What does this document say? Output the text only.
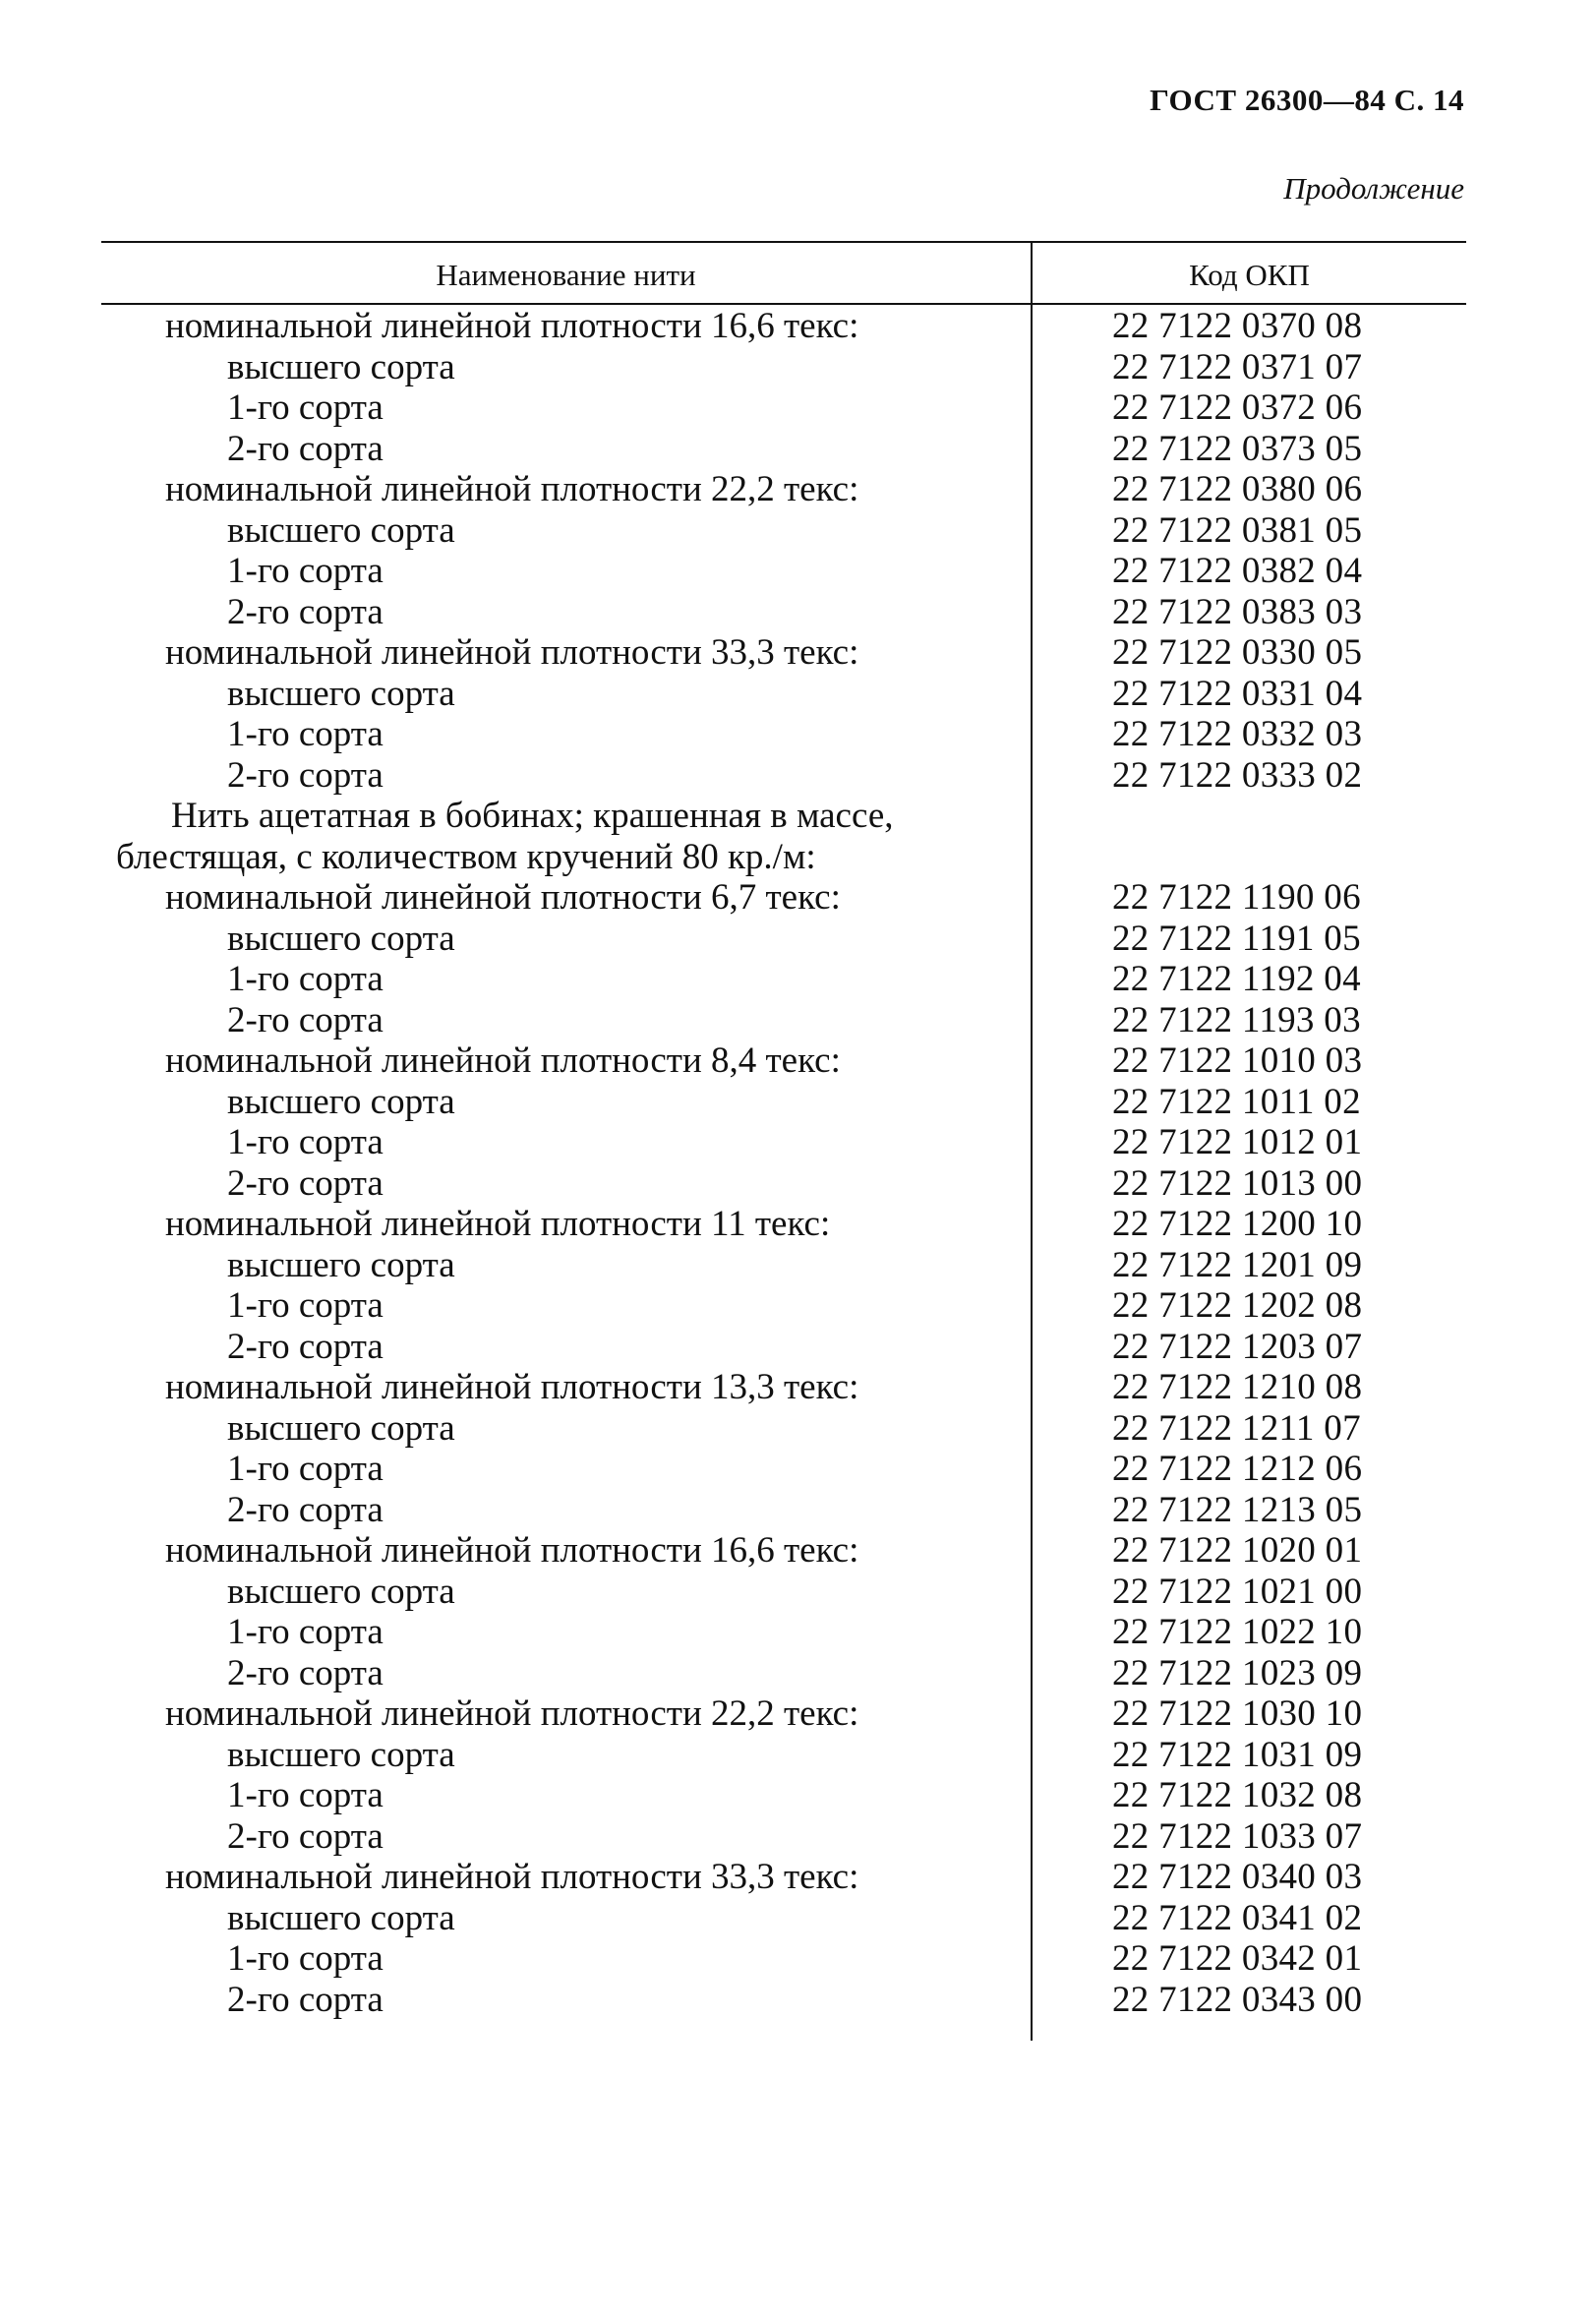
ГОСТ 26300—84 С. 14
Продолжение
Наименование нити	Код ОКП
номинальной линейной плотности 16,6 текс:	22 7122 0370 08
высшего сорта	22 7122 0371 07
1-го сорта	22 7122 0372 06
2-го сорта	22 7122 0373 05
номинальной линейной плотности 22,2 текс:	22 7122 0380 06
высшего сорта	22 7122 0381 05
1-го сорта	22 7122 0382 04
2-го сорта	22 7122 0383 03
номинальной линейной плотности 33,3 текс:	22 7122 0330 05
высшего сорта	22 7122 0331 04
1-го сорта	22 7122 0332 03
2-го сорта	22 7122 0333 02
Нить ацетатная в бобинах; крашенная в массе,
блестящая, с количеством кручений 80 кр./м:
номинальной линейной плотности 6,7 текс:	22 7122 1190 06
высшего сорта	22 7122 1191 05
1-го сорта	22 7122 1192 04
2-го сорта	22 7122 1193 03
номинальной линейной плотности 8,4 текс:	22 7122 1010 03
высшего сорта	22 7122 1011 02
1-го сорта	22 7122 1012 01
2-го сорта	22 7122 1013 00
номинальной линейной плотности 11 текс:	22 7122 1200 10
высшего сорта	22 7122 1201 09
1-го сорта	22 7122 1202 08
2-го сорта	22 7122 1203 07
номинальной линейной плотности 13,3 текс:	22 7122 1210 08
высшего сорта	22 7122 1211 07
1-го сорта	22 7122 1212 06
2-го сорта	22 7122 1213 05
номинальной линейной плотности 16,6 текс:	22 7122 1020 01
высшего сорта	22 7122 1021 00
1-го сорта	22 7122 1022 10
2-го сорта	22 7122 1023 09
номинальной линейной плотности 22,2 текс:	22 7122 1030 10
высшего сорта	22 7122 1031 09
1-го сорта	22 7122 1032 08
2-го сорта	22 7122 1033 07
номинальной линейной плотности 33,3 текс:	22 7122 0340 03
высшего сорта	22 7122 0341 02
1-го сорта	22 7122 0342 01
2-го сорта	22 7122 0343 00
